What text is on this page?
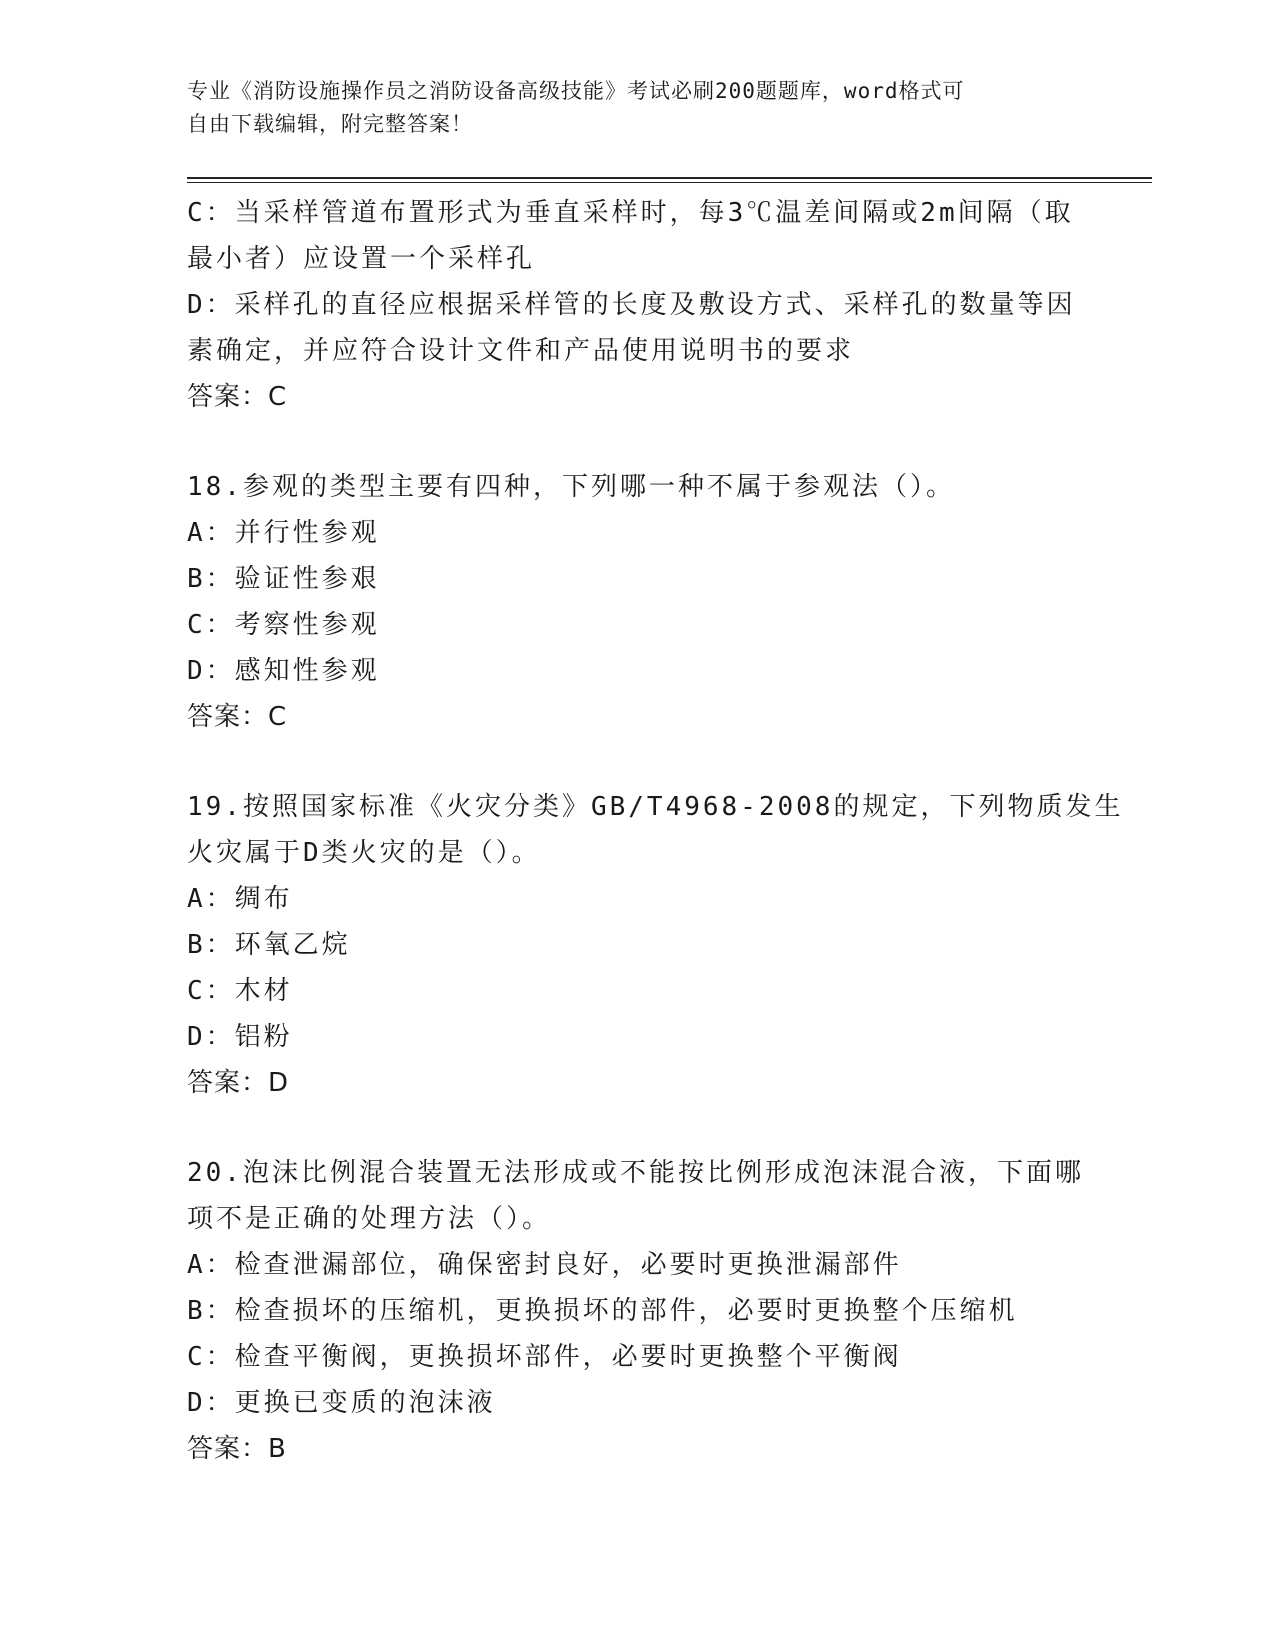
专业《消防设施操作员之消防设备高级技能》考试必刷200题题库，word格式可
自由下载编辑，附完整答案！
C：当采样管道布置形式为垂直采样时，每3℃温差间隔或2m间隔（取
最小者）应设置一个采样孔
D：采样孔的直径应根据采样管的长度及敷设方式、采样孔的数量等因
素确定，并应符合设计文件和产品使用说明书的要求
答案：C
18.参观的类型主要有四种，下列哪一种不属于参观法（）。
A：并行性参观
B：验证性参艰
C：考察性参观
D：感知性参观
答案：C
19.按照国家标准《火灾分类》GB/T4968-2008的规定，下列物质发生
火灾属于D类火灾的是（）。
A：绸布
B：环氧乙烷
C：木材
D：铝粉
答案：D
20.泡沫比例混合装置无法形成或不能按比例形成泡沫混合液，下面哪
项不是正确的处理方法（）。
A：检查泄漏部位，确保密封良好，必要时更换泄漏部件
B：检查损坏的压缩机，更换损坏的部件，必要时更换整个压缩机
C：检查平衡阀，更换损坏部件，必要时更换整个平衡阀
D：更换已变质的泡沫液
答案：B
